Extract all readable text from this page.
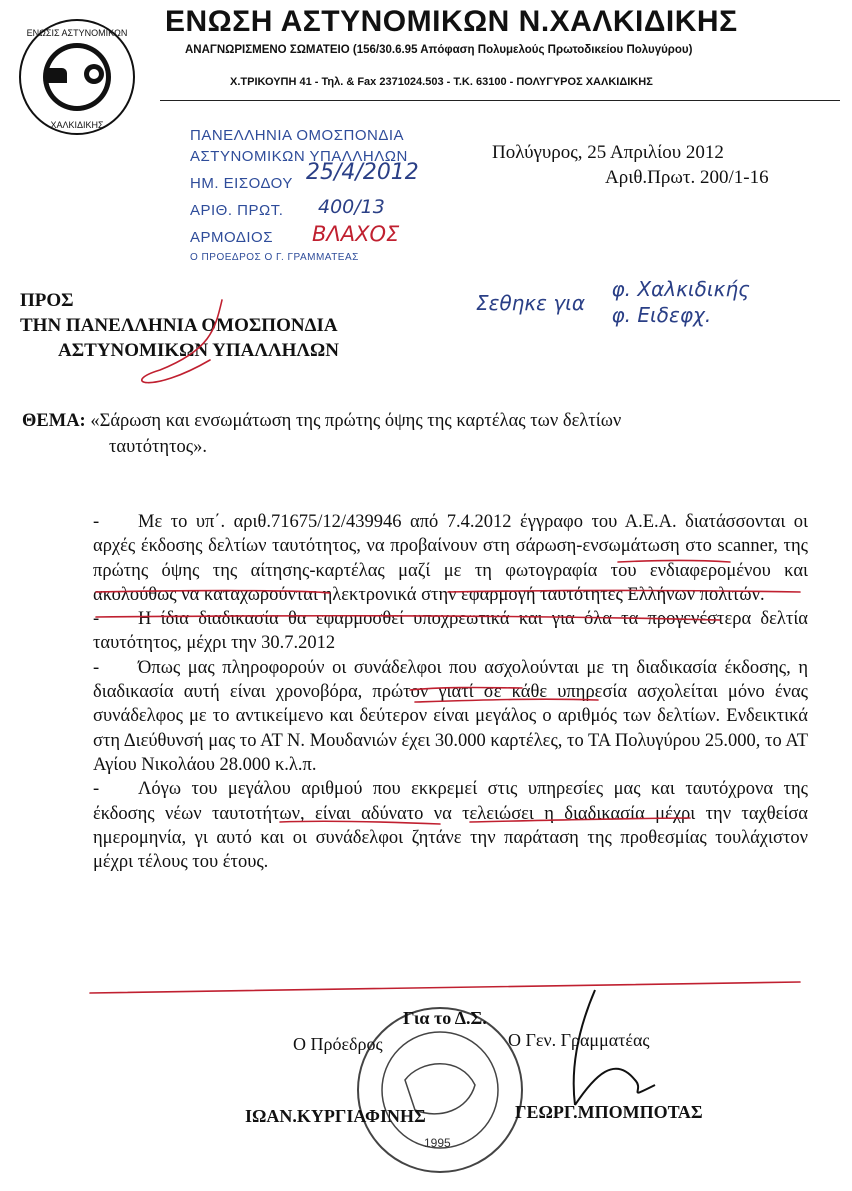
ΕΝΩΣΙΣ ΑΣΤΥΝΟΜΙΚΩΝ
ΧΑΛΚΙΔΙΚΗΣ
ΕΝΩΣΗ ΑΣΤΥΝΟΜΙΚΩΝ Ν.ΧΑΛΚΙΔΙΚΗΣ
ΑΝΑΓΝΩΡΙΣΜΕΝΟ ΣΩΜΑΤΕΙΟ (156/30.6.95 Απόφαση Πολυμελούς Πρωτοδικείου Πολυγύρου)
Χ.ΤΡΙΚΟΥΠΗ 41 - Τηλ. & Fax 2371024.503 - Τ.Κ. 63100 - ΠΟΛΥΓΥΡΟΣ ΧΑΛΚΙΔΙΚΗΣ
ΠΑΝΕΛΛΗΝΙΑ ΟΜΟΣΠΟΝΔΙΑ
ΑΣΤΥΝΟΜΙΚΩΝ ΥΠΑΛΛΗΛΩΝ
ΗΜ. ΕΙΣΟΔΟΥ
ΑΡΙΘ. ΠΡΩΤ.
ΑΡΜΟΔΙΟΣ
Ο ΠΡΟΕΔΡΟΣ Ο Γ. ΓΡΑΜΜΑΤΕΑΣ
25/4/2012
400/13
ΒΛΑΧΟΣ
Πολύγυρος, 25 Απριλίου 2012
Αριθ.Πρωτ. 200/1-16
ΠΡΟΣ
ΤΗΝ ΠΑΝΕΛΛΗΝΙΑ ΟΜΟΣΠΟΝΔΙΑ
ΑΣΤΥΝΟΜΙΚΩΝ ΥΠΑΛΛΗΛΩΝ
Σεθηκε για
φ. Χαλκιδικής
φ. Ειδεφχ.
ΘΕΜΑ: «Σάρωση και ενσωμάτωση της πρώτης όψης της καρτέλας των δελτίων
ταυτότητος».

- Με το υπ΄. αριθ.71675/12/439946 από 7.4.2012 έγγραφο του Α.Ε.Α. διατάσσονται οι αρχές έκδοσης δελτίων ταυτότητος, να προβαίνουν στη σάρωση-ενσωμάτωση στο scanner, της πρώτης όψης της αίτησης-καρτέλας μαζί με τη φωτογραφία του ενδιαφερομένου και ακολούθως να καταχωρούνται ηλεκτρονικά στην εφαρμογή ταυτότητες Ελλήνων πολιτών.

- Η ίδια διαδικασία θα εφαρμοσθεί υποχρεωτικά και για όλα τα προγενέστερα δελτία ταυτότητος, μέχρι την 30.7.2012

- Όπως μας πληροφορούν οι συνάδελφοι που ασχολούνται με τη διαδικασία έκδοσης, η διαδικασία αυτή είναι χρονοβόρα, πρώτον γιατί σε κάθε υπηρεσία ασχολείται μόνο ένας συνάδελφος με το αντικείμενο και δεύτερον είναι μεγάλος ο αριθμός των δελτίων. Ενδεικτικά στη Διεύθυνσή μας το ΑΤ Ν. Μουδανιών έχει 30.000 καρτέλες, το ΤΑ Πολυγύρου 25.000, το ΑΤ Αγίου Νικολάου 28.000 κ.λ.π.

- Λόγω του μεγάλου αριθμού που εκκρεμεί στις υπηρεσίες μας και ταυτόχρονα της έκδοσης νέων ταυτοτήτων, είναι αδύνατο να τελειώσει η διαδικασία μέχρι την ταχθείσα ημερομηνία, γι αυτό και οι συνάδελφοι ζητάνε την παράταση της προθεσμίας τουλάχιστον μέχρι τέλους του έτους.

1995
Για το Δ.Σ.
Ο Πρόεδρος	Ο Γεν. Γραμματέας
ΙΩΑΝ.ΚΥΡΓΙΑΦΙΝΗΣ	ΓΕΩΡΓ.ΜΠΟΜΠΟΤΑΣ
